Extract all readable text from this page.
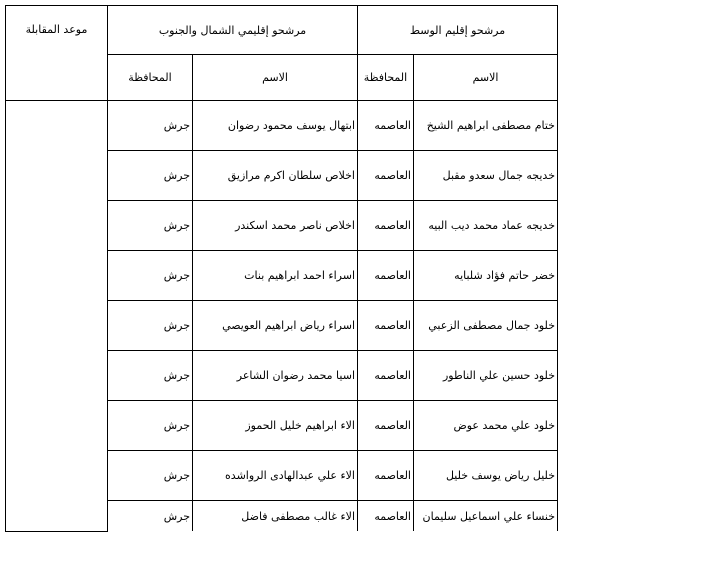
مرشحو إقليم الوسط		مرشحو إقليمي الشمال والجنوب		موعد المقابلة
الاسم	المحافظة	الاسم	المحافظة	
ختام مصطفى ابراهيم الشيخ	العاصمه	ابتهال يوسف محمود رضوان	جرش	
خديجه جمال سعدو مقبل	العاصمه	اخلاص سلطان اكرم مرازيق	جرش	
خديجه عماد محمد ديب البيه	العاصمه	اخلاص ناصر محمد اسكندر	جرش	
خضر حاتم فؤاد شلبايه	العاصمه	اسراء احمد ابراهيم بنات	جرش	
خلود جمال مصطفى الزعبي	العاصمه	اسراء رياض ابراهيم العويصي	جرش	
خلود حسين علي الناطور	العاصمه	اسيا محمد رضوان الشاعر	جرش	
خلود علي محمد عوض	العاصمه	الاء ابراهيم خليل الحموز	جرش	
خليل رياض يوسف خليل	العاصمه	الاء علي عبدالهادى الرواشده	جرش	
خنساء علي اسماعيل سليمان	العاصمه	الاء غالب مصطفى فاضل	جرش	
